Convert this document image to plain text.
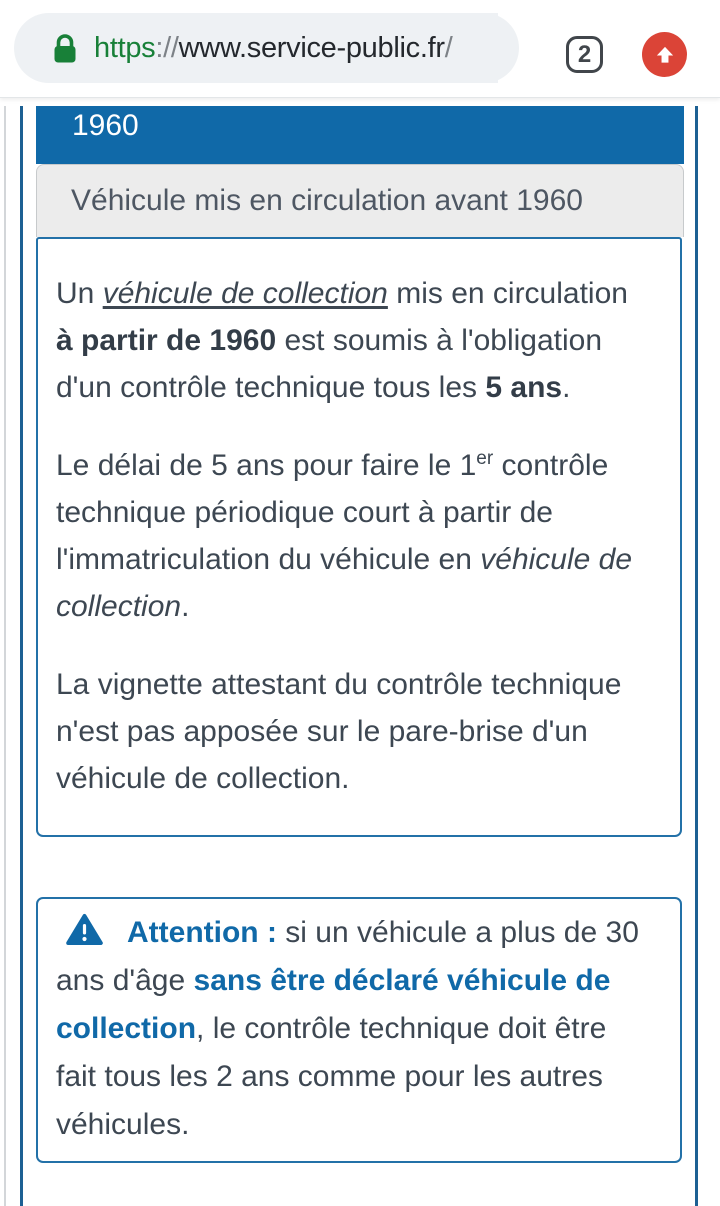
https://www.service-public.fr/	2
1960
Véhicule mis en circulation avant 1960
Un véhicule de collection mis en circulation
à partir de 1960 est soumis à l'obligation
d'un contrôle technique tous les 5 ans.
Le délai de 5 ans pour faire le 1er contrôle
technique périodique court à partir de
l'immatriculation du véhicule en véhicule de
collection.
La vignette attestant du contrôle technique
n'est pas apposée sur le pare-brise d'un
véhicule de collection.
Attention : si un véhicule a plus de 30
ans d'âge sans être déclaré véhicule de
collection, le contrôle technique doit être
fait tous les 2 ans comme pour les autres
véhicules.
